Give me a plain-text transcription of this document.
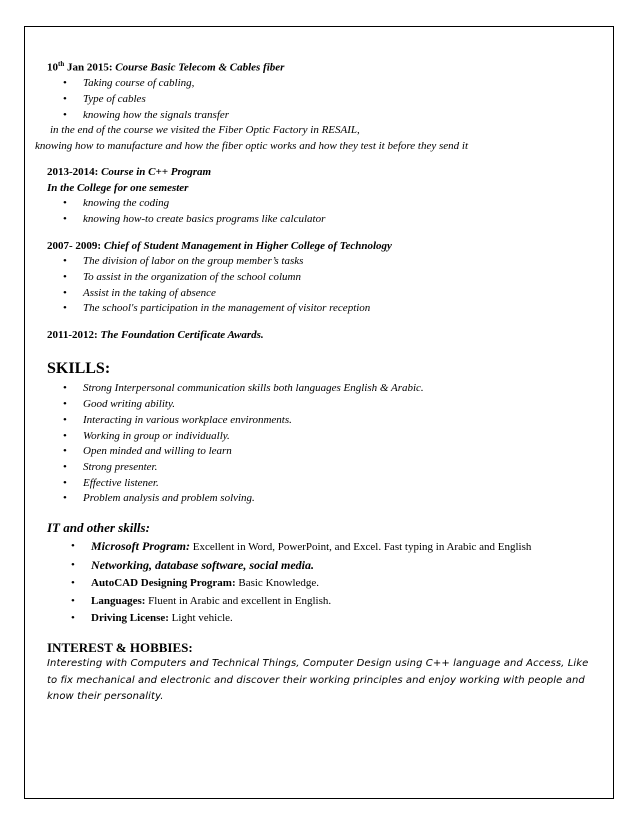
10th Jan 2015: Course Basic Telecom & Cables fiber
• Taking course of cabling,
• Type of cables
• knowing how the signals transfer
in the end of the course we visited the Fiber Optic Factory in RESAIL,
knowing how to manufacture and how the fiber optic works and how they test it before they send it
2013-2014: Course in C++ Program
In the College for one semester
• knowing the coding
• knowing how-to create basics programs like calculator
2007- 2009: Chief of Student Management in Higher College of Technology
• The division of labor on the group member’s tasks
• To assist in the organization of the school column
• Assist in the taking of absence
• The school's participation in the management of visitor reception
2011-2012: The Foundation Certificate Awards.
SKILLS:
• Strong Interpersonal communication skills both languages English & Arabic.
• Good writing ability.
• Interacting in various workplace environments.
• Working in group or individually.
• Open minded and willing to learn
• Strong presenter.
• Effective listener.
• Problem analysis and problem solving.
IT and other skills:
• Microsoft Program: Excellent in Word, PowerPoint, and Excel. Fast typing in Arabic and English
• Networking, database software, social media.
• AutoCAD Designing Program: Basic Knowledge.
• Languages: Fluent in Arabic and excellent in English.
• Driving License: Light vehicle.
INTEREST & HOBBIES:
Interesting with Computers and Technical Things, Computer Design using C++ language and Access, Like to fix mechanical and electronic and discover their working principles and enjoy working with people and know their personality.
